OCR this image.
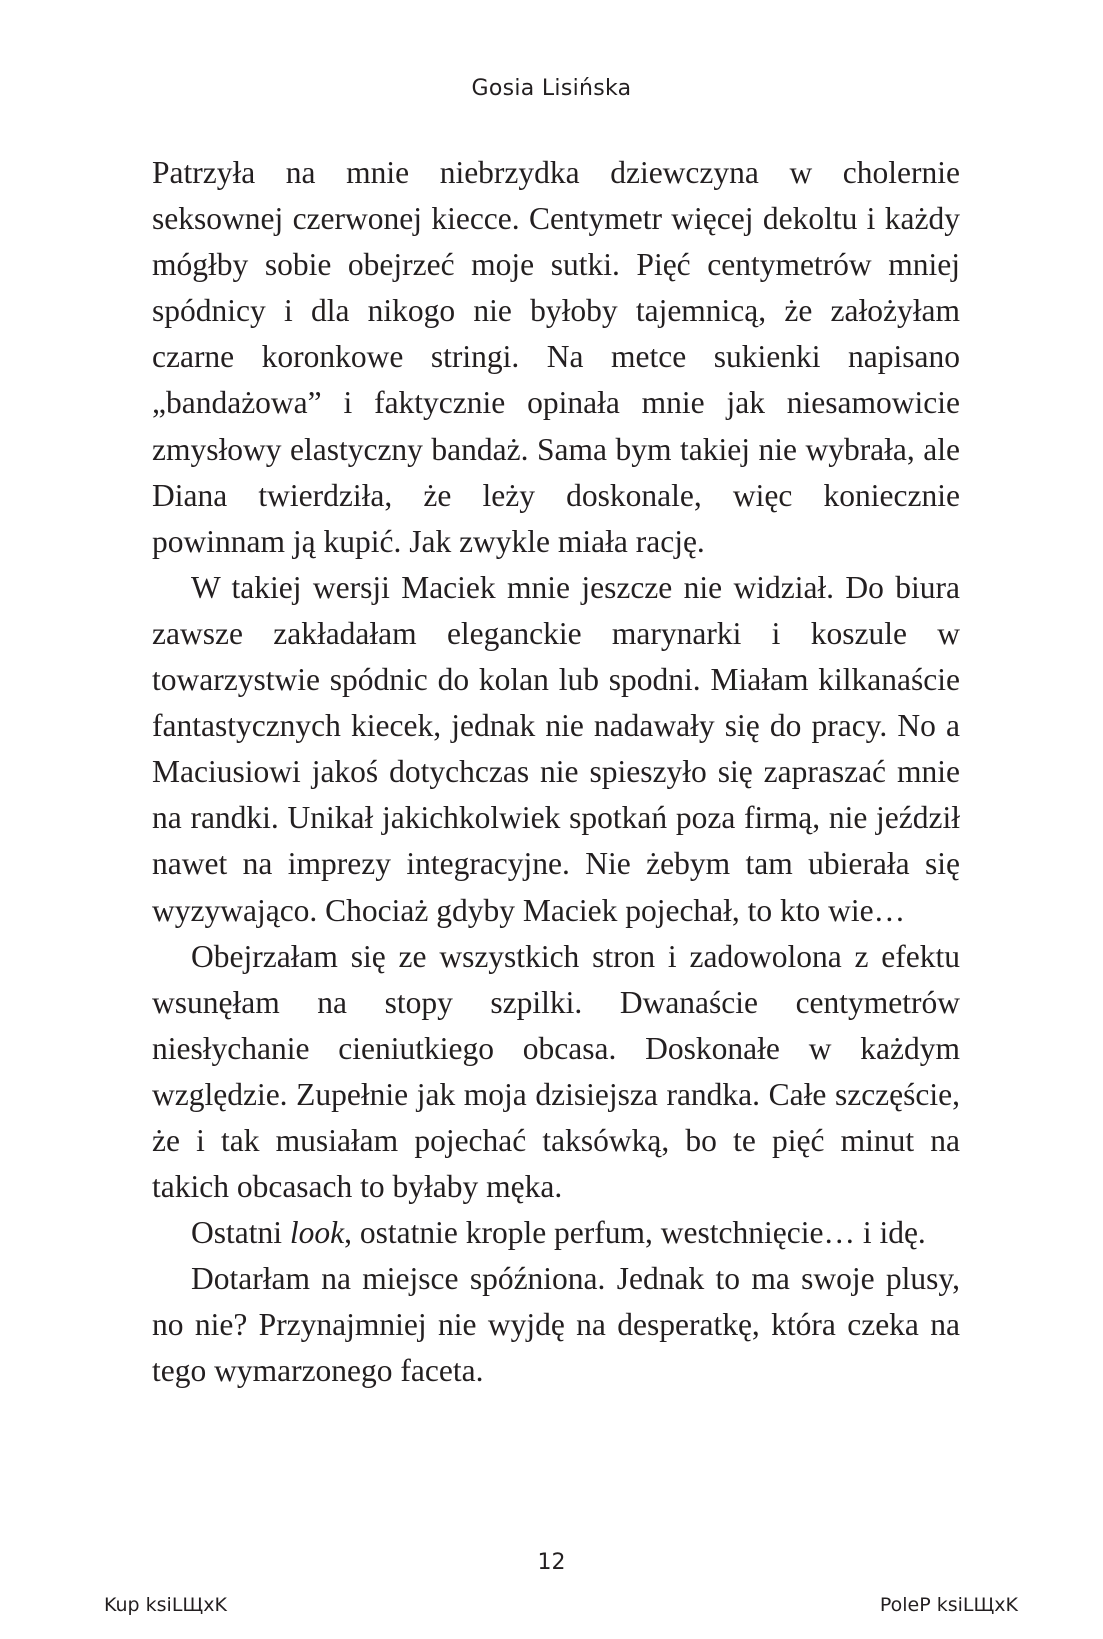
Gosia Lisińska

Patrzyła na mnie niebrzydka dziewczyna w cholernie seksownej czerwonej kiecce. Centymetr więcej dekoltu i każdy mógłby sobie obejrzeć moje sutki. Pięć centymetrów mniej spódnicy i dla nikogo nie byłoby tajemnicą, że założyłam czarne koronkowe stringi. Na metce sukienki napisano „bandażowa” i faktycznie opinała mnie jak niesamowicie zmysłowy elastyczny bandaż. Sama bym takiej nie wybrała, ale Diana twierdziła, że leży doskonale, więc koniecznie powinnam ją kupić. Jak zwykle miała rację.

W takiej wersji Maciek mnie jeszcze nie widział. Do biura zawsze zakładałam eleganckie marynarki i koszule w towarzystwie spódnic do kolan lub spodni. Miałam kilkanaście fantastycznych kiecek, jednak nie nadawały się do pracy. No a Maciusiowi jakoś dotychczas nie spieszyło się zapraszać mnie na randki. Unikał jakichkolwiek spotkań poza firmą, nie jeździł nawet na imprezy integracyjne. Nie żebym tam ubierała się wyzywająco. Chociaż gdyby Maciek pojechał, to kto wie…

Obejrzałam się ze wszystkich stron i zadowolona z efektu wsunęłam na stopy szpilki. Dwanaście centymetrów niesłychanie cieniutkiego obcasa. Doskonałe w każdym względzie. Zupełnie jak moja dzisiejsza randka. Całe szczęście, że i tak musiałam pojechać taksówką, bo te pięć minut na takich obcasach to byłaby męka.

Ostatni look, ostatnie krople perfum, westchnięcie… i idę.

Dotarłam na miejsce spóźniona. Jednak to ma swoje plusy, no nie? Przynajmniej nie wyjdę na desperatkę, która czeka na tego wymarzonego faceta.

12
Kup ksiLЩxK	PoleP ksiLЩxK
